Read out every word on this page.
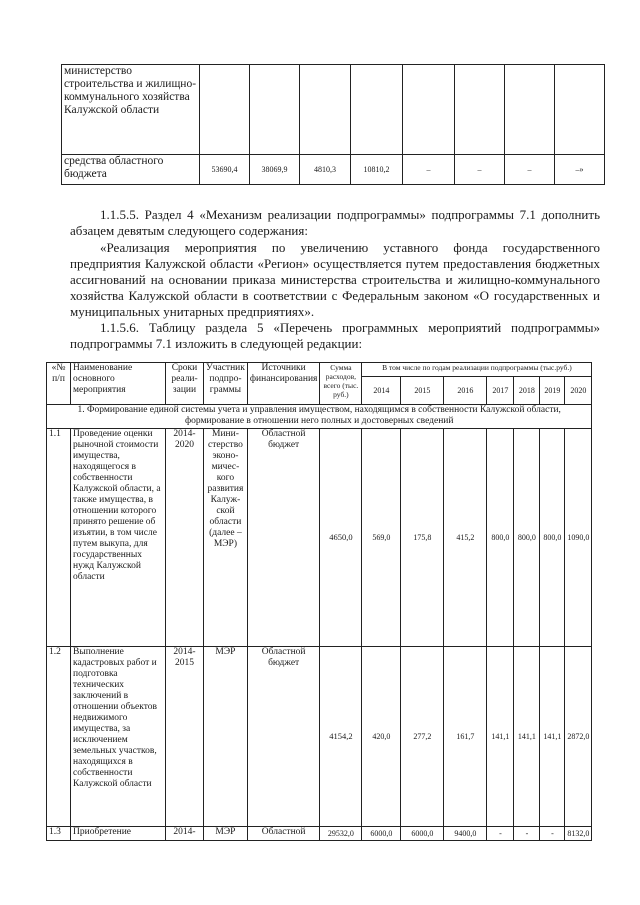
министерство строительства и жилищно-коммунального хозяйства Калужской области								
средства областного бюджета	53690,4	38069,9	4810,3	10810,2	–	–	–	–»

1.1.5.5. Раздел 4 «Механизм реализации подпрограммы» подпрограммы 7.1 дополнить абзацем девятым следующего содержания:

«Реализация мероприятия по увеличению уставного фонда государственного предприятия Калужской области «Регион» осуществляется путем предоставления бюджетных ассигнований на основании приказа министерства строительства и жилищно-коммунального хозяйства Калужской области в соответствии с Федеральным законом «О государственных и муниципальных унитарных предприятиях».

1.1.5.6. Таблицу раздела 5 «Перечень программных мероприятий подпрограммы» подпрограммы 7.1 изложить в следующей редакции:

«№ п/п	Наименование основного мероприятия	Сроки реали-зации	Участник подпро-граммы	Источники финансирования	Сумма расходов, всего (тыс. руб.)	В том числе по годам реализации подпрограммы (тыс.руб.)						
						2014	2015	2016	2017	2018	2019	2020
1. Формирование единой системы учета и управления имуществом, находящимся в собственности Калужской области, формирование в отношении него полных и достоверных сведений												
1.1	Проведение оценки рыночной стоимости имущества, находящегося в собственности Калужской области, а также имущества, в отношении которого принято решение об изъятии, в том числе путем выкупа, для государственных нужд Калужской области	2014-2020	Мини-стерство эконо-мичес-кого развития Калуж-ской области (далее – МЭР)	Областной бюджет	4650,0	569,0	175,8	415,2	800,0	800,0	800,0	1090,0
1.2	Выполнение кадастровых работ и подготовка технических заключений в отношении объектов недвижимого имущества, за исключением земельных участков, находящихся в собственности Калужской области	2014-2015	МЭР	Областной бюджет	4154,2	420,0	277,2	161,7	141,1	141,1	141,1	2872,0
1.3	Приобретение	2014-	МЭР	Областной	29532,0	6000,0	6000,0	9400,0	-	-	-	8132,0
